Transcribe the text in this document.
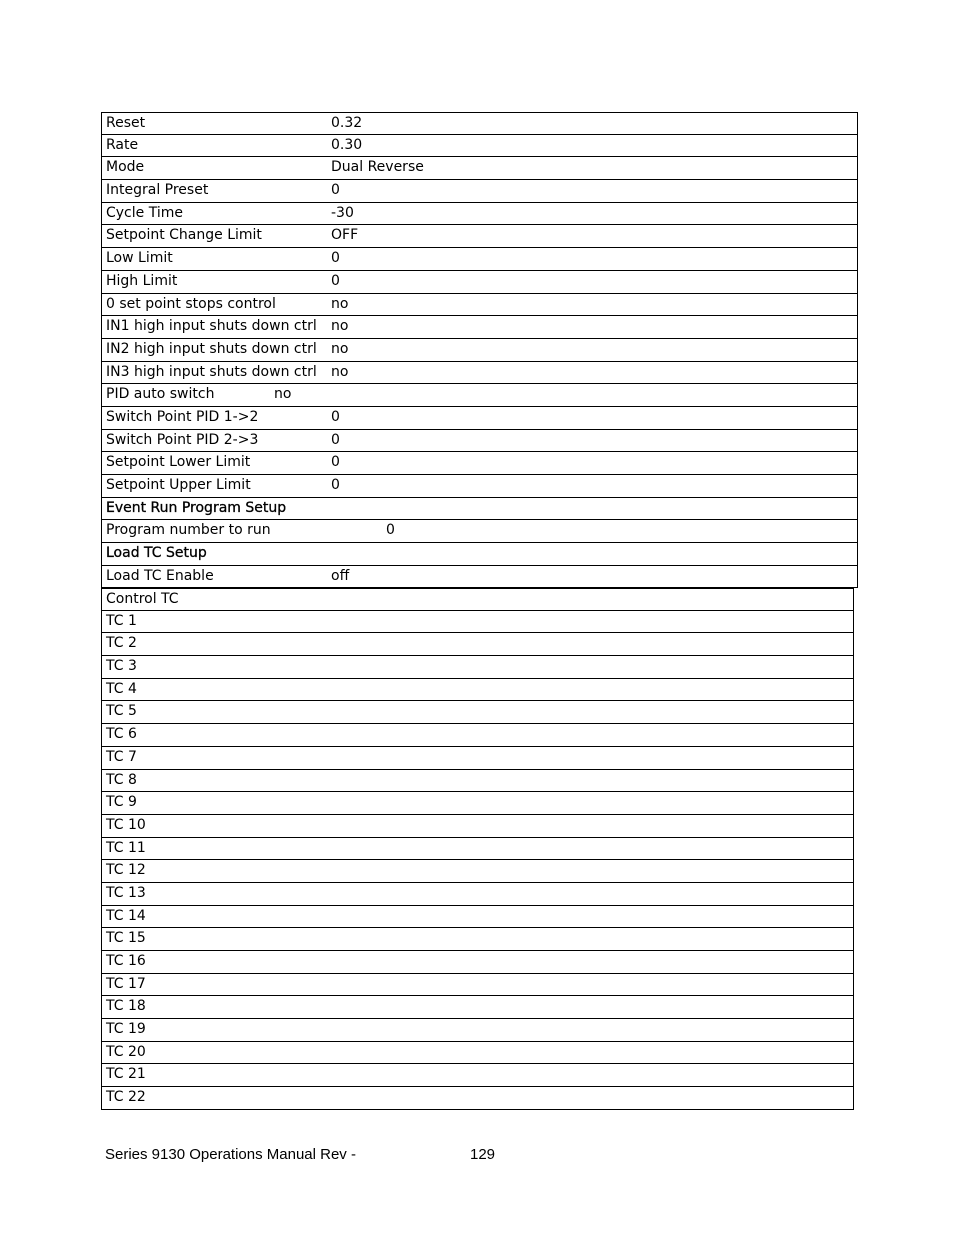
Reset	0.32
Rate	0.30
Mode	Dual Reverse
Integral Preset	0
Cycle Time	-30
Setpoint Change Limit	OFF
Low Limit	0
High Limit	0
0 set point stops control	no
IN1 high input shuts down ctrl no
IN2 high input shuts down ctrl no
IN3 high input shuts down ctrl no
PID auto switch	no
Switch Point PID 1->2	0
Switch Point PID 2->3	0
Setpoint Lower Limit	0
Setpoint Upper Limit	0
Event Run Program Setup
Program number to run	0
Load TC Setup
Load TC Enable	off
Control TC
TC 1
TC 2
TC 3
TC 4
TC 5
TC 6
TC 7
TC 8
TC 9
TC 10
TC 11
TC 12
TC 13
TC 14
TC 15
TC 16
TC 17
TC 18
TC 19
TC 20
TC 21
TC 22
Series 9130 Operations Manual Rev -	129
